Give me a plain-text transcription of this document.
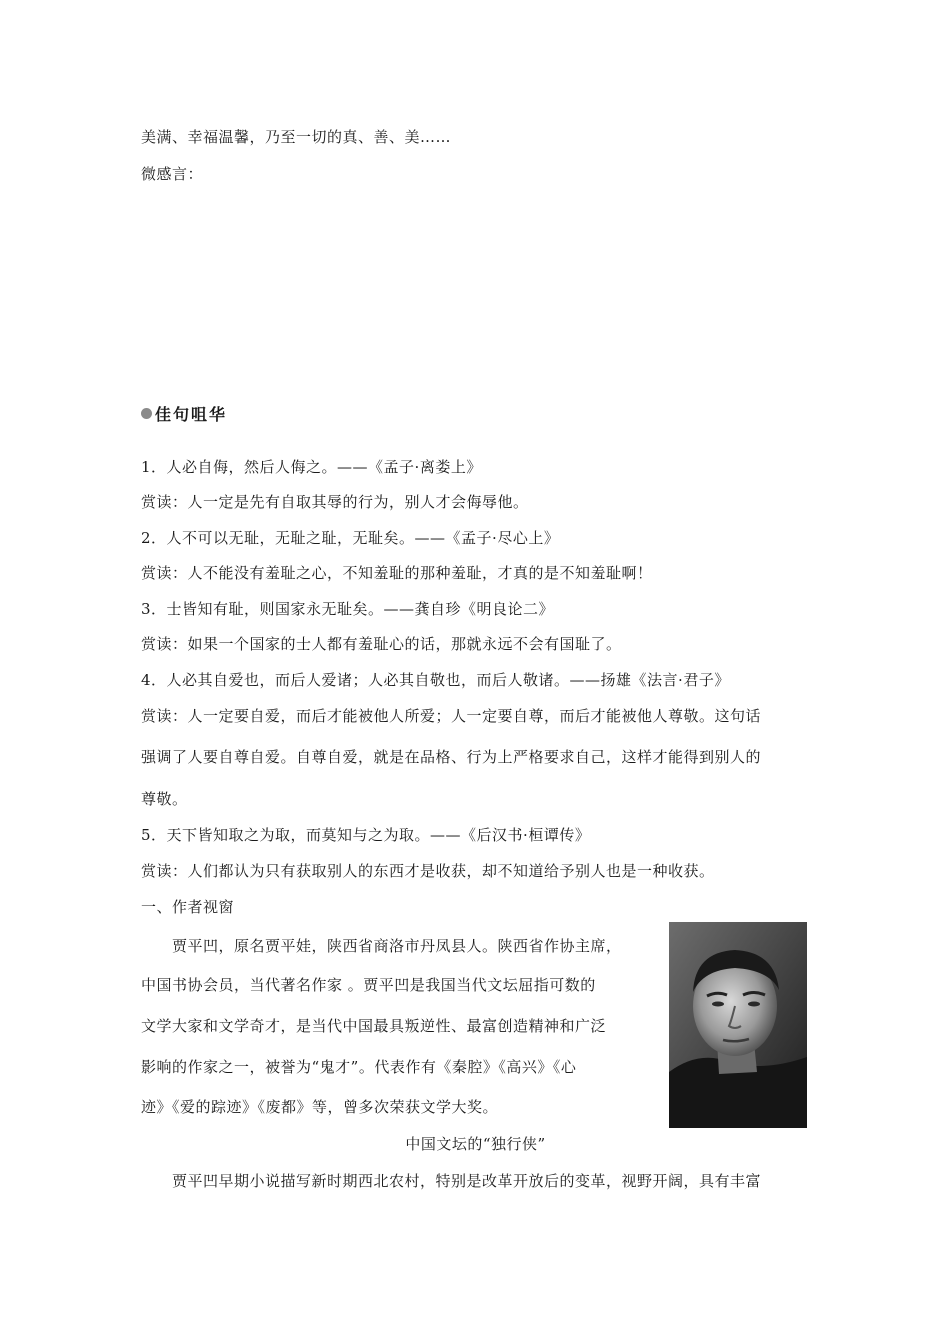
美满、幸福温馨，乃至一切的真、善、美……
微感言：
佳句咀华
1．人必自侮，然后人侮之。——《孟子·离娄上》
赏读：人一定是先有自取其辱的行为，别人才会侮辱他。
2．人不可以无耻，无耻之耻，无耻矣。——《孟子·尽心上》
赏读：人不能没有羞耻之心，不知羞耻的那种羞耻，才真的是不知羞耻啊！
3．士皆知有耻，则国家永无耻矣。——龚自珍《明良论二》
赏读：如果一个国家的士人都有羞耻心的话，那就永远不会有国耻了。
4．人必其自爱也，而后人爱诸；人必其自敬也，而后人敬诸。——扬雄《法言·君子》
赏读：人一定要自爱，而后才能被他人所爱；人一定要自尊，而后才能被他人尊敬。这句话
强调了人要自尊自爱。自尊自爱，就是在品格、行为上严格要求自己，这样才能得到别人的
尊敬。
5．天下皆知取之为取，而莫知与之为取。——《后汉书·桓谭传》
赏读：人们都认为只有获取别人的东西才是收获，却不知道给予别人也是一种收获。
一、作者视窗
贾平凹，原名贾平娃，陕西省商洛市丹凤县人。陕西省作协主席，
中国书协会员，当代著名作家 。贾平凹是我国当代文坛屈指可数的
文学大家和文学奇才，是当代中国最具叛逆性、最富创造精神和广泛
影响的作家之一，被誉为“鬼才”。代表作有《秦腔》《高兴》《心
迹》《爱的踪迹》《废都》等，曾多次荣获文学大奖。
中国文坛的“独行侠”
贾平凹早期小说描写新时期西北农村，特别是改革开放后的变革，视野开阔，具有丰富
